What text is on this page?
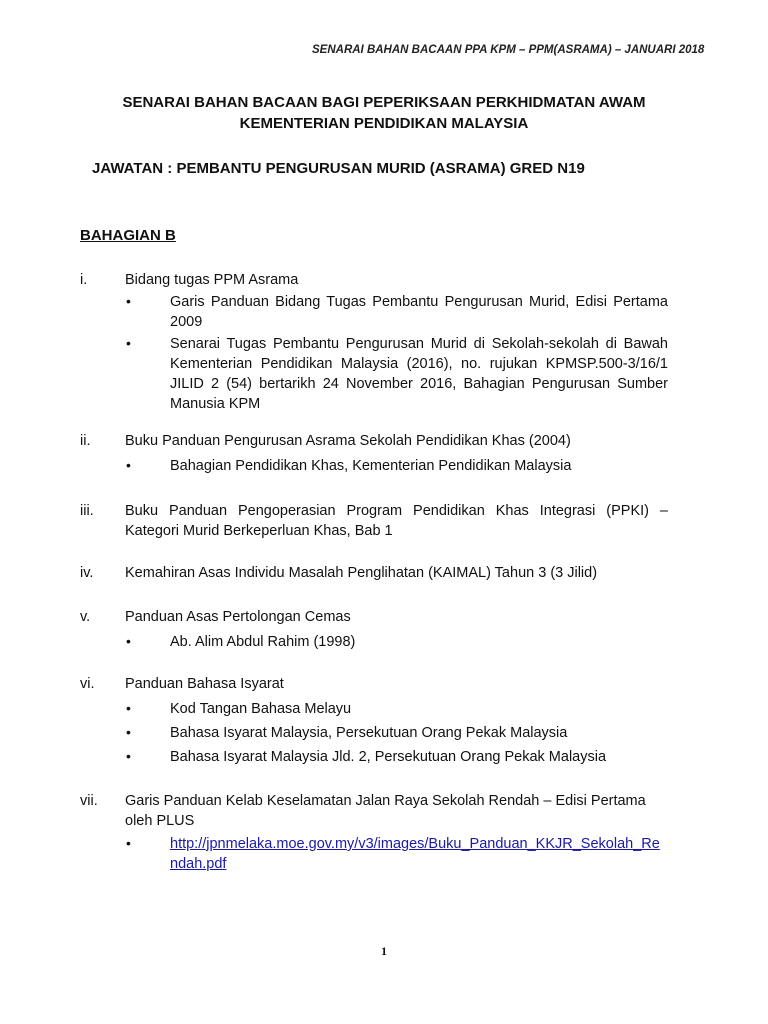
SENARAI BAHAN BACAAN PPA KPM – PPM(ASRAMA) – JANUARI 2018
SENARAI BAHAN BACAAN BAGI PEPERIKSAAN PERKHIDMATAN AWAM
KEMENTERIAN PENDIDIKAN MALAYSIA
JAWATAN : PEMBANTU PENGURUSAN MURID (ASRAMA) GRED N19
BAHAGIAN B
i.	Bidang tugas PPM Asrama
•	Garis Panduan Bidang Tugas Pembantu Pengurusan Murid, Edisi Pertama 2009
•	Senarai Tugas Pembantu Pengurusan Murid di Sekolah-sekolah di Bawah Kementerian Pendidikan Malaysia (2016), no. rujukan KPMSP.500-3/16/1 JILID 2 (54) bertarikh 24 November 2016, Bahagian Pengurusan Sumber Manusia KPM
ii. Buku Panduan Pengurusan Asrama Sekolah Pendidikan Khas (2004)
•	Bahagian Pendidikan Khas, Kementerian Pendidikan Malaysia
iii. Buku Panduan Pengoperasian Program Pendidikan Khas Integrasi (PPKI) – Kategori Murid Berkeperluan Khas, Bab 1
iv. Kemahiran Asas Individu Masalah Penglihatan (KAIMAL) Tahun 3 (3 Jilid)
v. Panduan Asas Pertolongan Cemas
•	Ab. Alim Abdul Rahim (1998)
vi. Panduan Bahasa Isyarat
•	Kod Tangan Bahasa Melayu
•	Bahasa Isyarat Malaysia, Persekutuan Orang Pekak Malaysia
•	Bahasa Isyarat Malaysia Jld. 2, Persekutuan Orang Pekak Malaysia
vii. Garis Panduan Kelab Keselamatan Jalan Raya Sekolah Rendah – Edisi Pertama oleh PLUS
•	http://jpnmelaka.moe.gov.my/v3/images/Buku_Panduan_KKJR_Sekolah_Rendah.pdf
1
